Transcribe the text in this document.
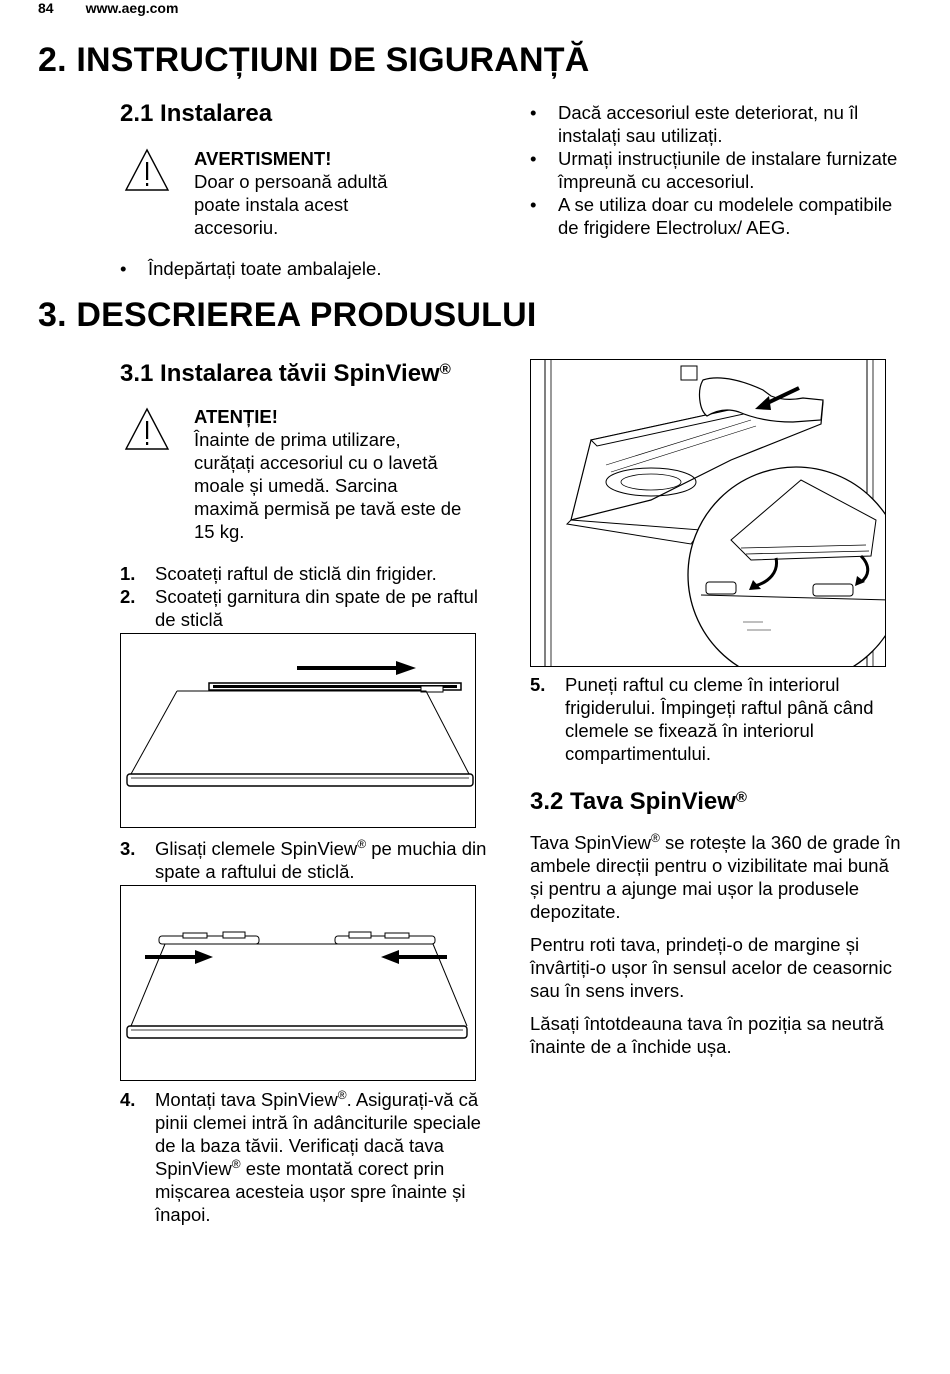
84 www.aeg.com
2. INSTRUCȚIUNI DE SIGURANȚĂ
2.1 Instalarea
AVERTISMENT!
Doar o persoană adultă poate instala acest accesoriu.
• Îndepărtați toate ambalajele.
• Dacă accesoriul este deteriorat, nu îl instalați sau utilizați.
• Urmați instrucțiunile de instalare furnizate împreună cu accesoriul.
• A se utiliza doar cu modelele compatibile de frigidere Electrolux/ AEG.
3. DESCRIEREA PRODUSULUI
3.1 Instalarea tăvii SpinView®
ATENȚIE!
Înainte de prima utilizare, curățați accesoriul cu o lavetă moale și umedă. Sarcina maximă permisă pe tavă este de 15 kg.
1. Scoateți raftul de sticlă din frigider.
2. Scoateți garnitura din spate de pe raftul de sticlă
3. Glisați clemele SpinView® pe muchia din spate a raftului de sticlă.
4. Montați tava SpinView®. Asigurați-vă că pinii clemei intră în adânciturile speciale de la baza tăvii. Verificați dacă tava SpinView® este montată corect prin mișcarea acesteia ușor spre înainte și înapoi.
5. Puneți raftul cu cleme în interiorul frigiderului. Împingeți raftul până când clemele se fixează în interiorul compartimentului.
3.2 Tava SpinView®

Tava SpinView® se rotește la 360 de grade în ambele direcții pentru o vizibilitate mai bună și pentru a ajunge mai ușor la produsele depozitate.

Pentru roti tava, prindeți-o de margine și învârtiți-o ușor în sensul acelor de ceasornic sau în sens invers.

Lăsați întotdeauna tava în poziția sa neutră înainte de a închide ușa.
